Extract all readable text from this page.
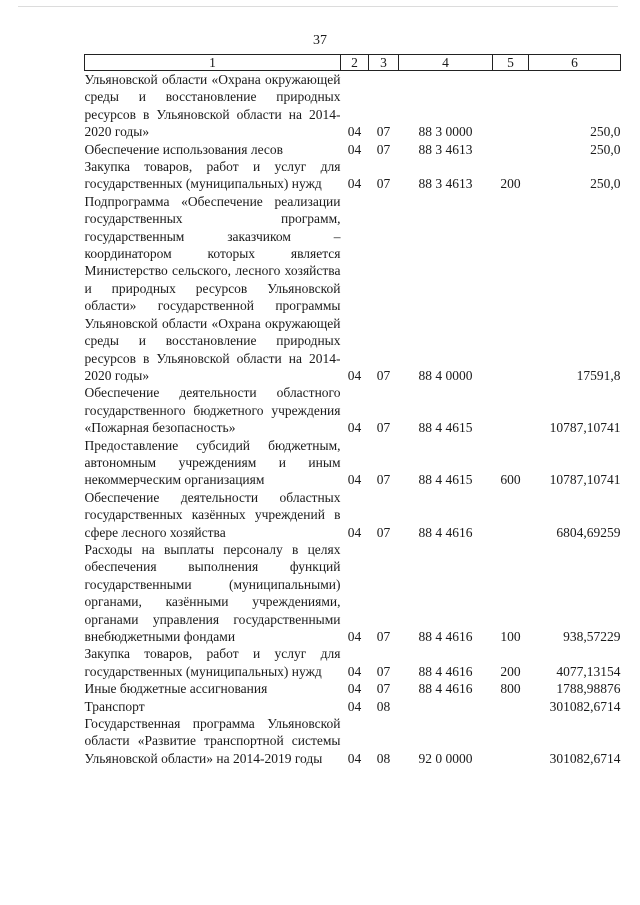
37
1	2	3	4	5	6
Ульяновской области «Охрана окружающей среды и восстановление природных ресурсов в Ульяновской области на 2014-2020 годы»	04	07	88 3 0000		250,0
Обеспечение использования лесов	04	07	88 3 4613		250,0
Закупка товаров, работ и услуг для государственных (муниципальных) нужд	04	07	88 3 4613	200	250,0
Подпрограмма «Обеспечение реализации государственных программ, государственным заказчиком – координатором которых является Министерство сельского, лесного хозяйства и природных ресурсов Ульяновской области» государственной программы Ульяновской области «Охрана окружающей среды и восстановление природных ресурсов в Ульяновской области на 2014-2020 годы»	04	07	88 4 0000		17591,8
Обеспечение деятельности областного государственного бюджетного учреждения «Пожарная безопасность»	04	07	88 4 4615		10787,10741
Предоставление субсидий бюджетным, автономным учреждениям и иным некоммерческим организациям	04	07	88 4 4615	600	10787,10741
Обеспечение деятельности областных государственных казённых учреждений в сфере лесного хозяйства	04	07	88 4 4616		6804,69259
Расходы на выплаты персоналу в целях обеспечения выполнения функций государственными (муниципальными) органами, казёнными учреждениями, органами управления государственными внебюджетными фондами	04	07	88 4 4616	100	938,57229
Закупка товаров, работ и услуг для государственных (муниципальных) нужд	04	07	88 4 4616	200	4077,13154
Иные бюджетные ассигнования	04	07	88 4 4616	800	1788,98876
Транспорт	04	08			301082,6714
Государственная программа Ульяновской области «Развитие транспортной системы Ульяновской области» на 2014-2019 годы	04	08	92 0 0000		301082,6714
